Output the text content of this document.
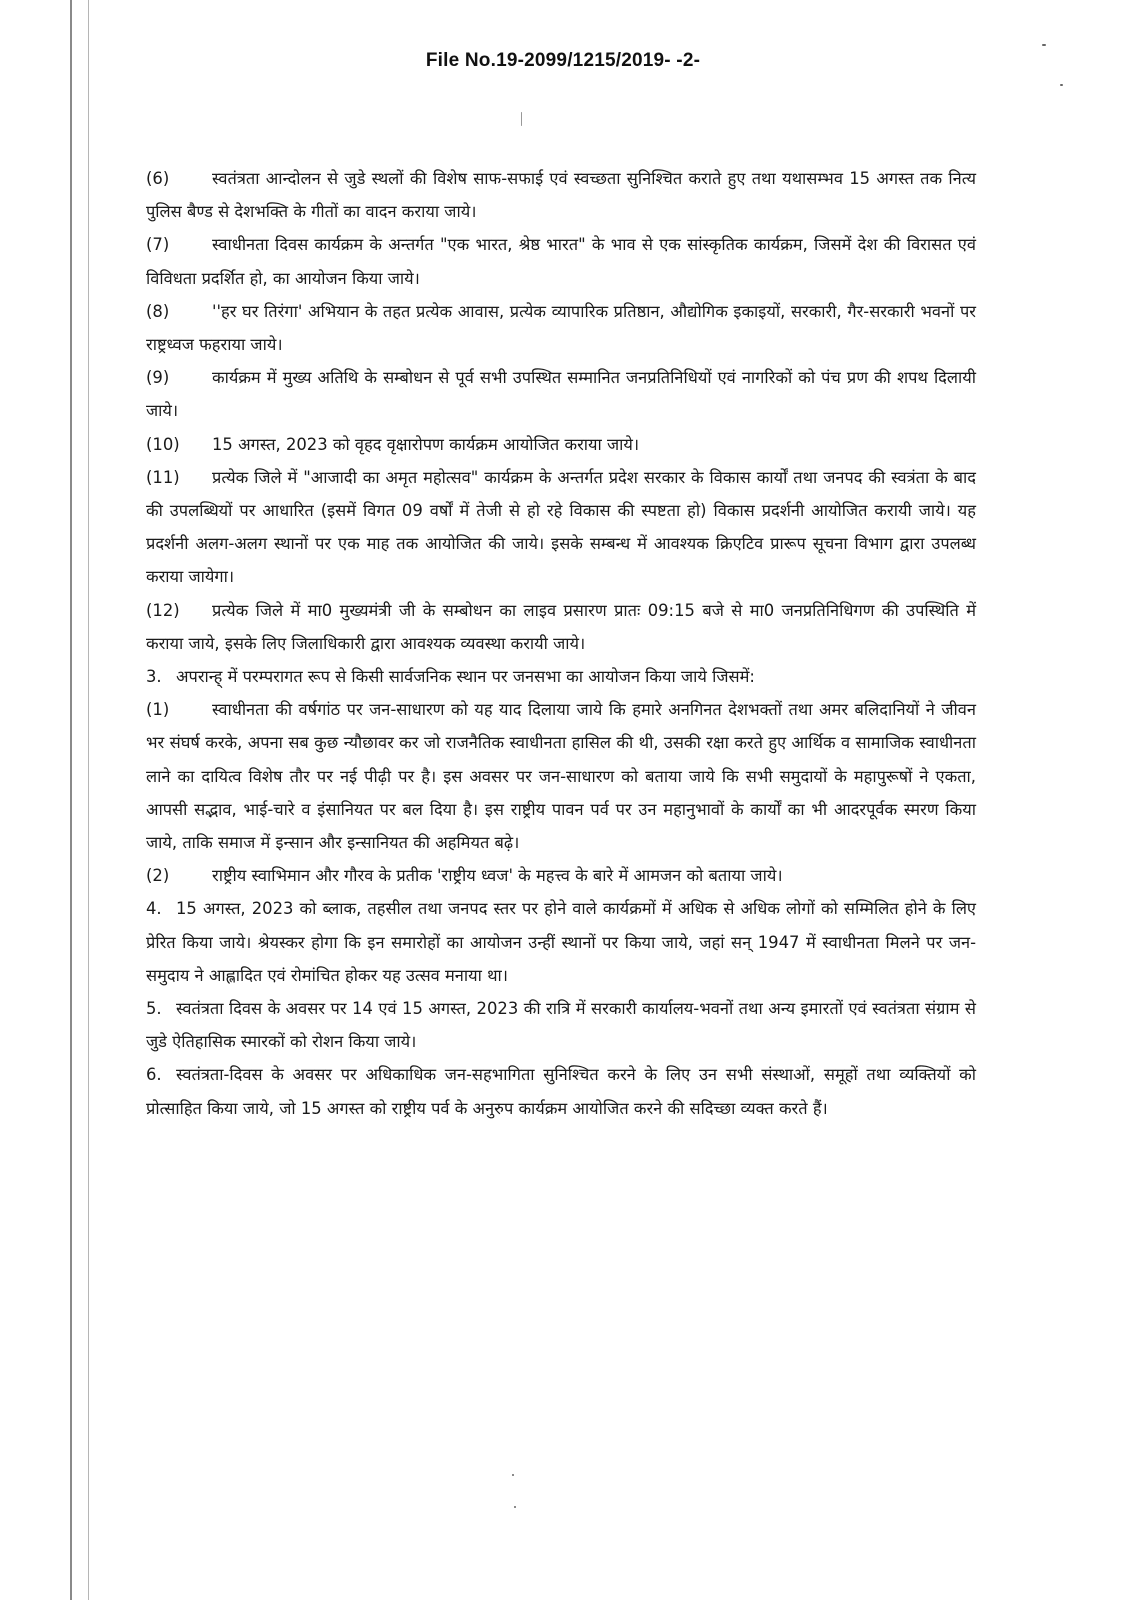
File No.19-2099/1215/2019- -2-

(6)	स्वतंत्रता आन्दोलन से जुडे स्थलों की विशेष साफ-सफाई एवं स्वच्छता सुनिश्चित कराते हुए तथा यथासम्भव 15 अगस्त तक नित्य पुलिस बैण्ड से देशभक्ति के गीतों का वादन कराया जाये।

(7)	स्वाधीनता दिवस कार्यक्रम के अन्तर्गत "एक भारत, श्रेष्ठ भारत" के भाव से एक सांस्कृतिक कार्यक्रम, जिसमें देश की विरासत एवं विविधता प्रदर्शित हो, का आयोजन किया जाये।

(8)	''हर घर तिरंगा' अभियान के तहत प्रत्येक आवास, प्रत्येक व्यापारिक प्रतिष्ठान, औद्योगिक इकाइयों, सरकारी, गैर-सरकारी भवनों पर राष्ट्रध्वज फहराया जाये।

(9)	कार्यक्रम में मुख्य अतिथि के सम्बोधन से पूर्व सभी उपस्थित सम्मानित जनप्रतिनिधियों एवं नागरिकों को पंच प्रण की शपथ दिलायी जाये।

(10) 15 अगस्त, 2023 को वृहद वृक्षारोपण कार्यक्रम आयोजित कराया जाये।

(11) प्रत्येक जिले में "आजादी का अमृत महोत्सव" कार्यक्रम के अन्तर्गत प्रदेश सरकार के विकास कार्यों तथा जनपद की स्वत्रंता के बाद की उपलब्धियों पर आधारित (इसमें विगत 09 वर्षों में तेजी से हो रहे विकास की स्पष्टता हो) विकास प्रदर्शनी आयोजित करायी जाये। यह प्रदर्शनी अलग-अलग स्थानों पर एक माह तक आयोजित की जाये। इसके सम्बन्ध में आवश्यक क्रिएटिव प्रारूप सूचना विभाग द्वारा उपलब्ध कराया जायेगा।

(12) प्रत्येक जिले में मा0 मुख्यमंत्री जी के सम्बोधन का लाइव प्रसारण प्रातः 09:15 बजे से मा0 जनप्रतिनिधिगण की उपस्थिति में कराया जाये, इसके लिए जिलाधिकारी द्वारा आवश्यक व्यवस्था करायी जाये।

3. अपरान्ह् में परम्परागत रूप से किसी सार्वजनिक स्थान पर जनसभा का आयोजन किया जाये जिसमें:

(1)	स्वाधीनता की वर्षगांठ पर जन-साधारण को यह याद दिलाया जाये कि हमारे अनगिनत देशभक्तों तथा अमर बलिदानियों ने जीवन भर संघर्ष करके, अपना सब कुछ न्यौछावर कर जो राजनैतिक स्वाधीनता हासिल की थी, उसकी रक्षा करते हुए आर्थिक व सामाजिक स्वाधीनता लाने का दायित्व विशेष तौर पर नई पीढ़ी पर है। इस अवसर पर जन-साधारण को बताया जाये कि सभी समुदायों के महापुरूषों ने एकता, आपसी सद्भाव, भाई-चारे व इंसानियत पर बल दिया है। इस राष्ट्रीय पावन पर्व पर उन महानुभावों के कार्यों का भी आदरपूर्वक स्मरण किया जाये, ताकि समाज में इन्सान और इन्सानियत की अहमियत बढ़े।

(2)	राष्ट्रीय स्वाभिमान और गौरव के प्रतीक 'राष्ट्रीय ध्वज' के महत्त्व के बारे में आमजन को बताया जाये।

4. 15 अगस्त, 2023 को ब्लाक, तहसील तथा जनपद स्तर पर होने वाले कार्यक्रमों में अधिक से अधिक लोगों को सम्मिलित होने के लिए प्रेरित किया जाये। श्रेयस्कर होगा कि इन समारोहों का आयोजन उन्हीं स्थानों पर किया जाये, जहां सन् 1947 में स्वाधीनता मिलने पर जन-समुदाय ने आह्लादित एवं रोमांचित होकर यह उत्सव मनाया था।

5. स्वतंत्रता दिवस के अवसर पर 14 एवं 15 अगस्त, 2023 की रात्रि में सरकारी कार्यालय-भवनों तथा अन्य इमारतों एवं स्वतंत्रता संग्राम से जुडे ऐतिहासिक स्मारकों को रोशन किया जाये।

6. स्वतंत्रता-दिवस के अवसर पर अधिकाधिक जन-सहभागिता सुनिश्चित करने के लिए उन सभी संस्थाओं, समूहों तथा व्यक्तियों को प्रोत्साहित किया जाये, जो 15 अगस्त को राष्ट्रीय पर्व के अनुरुप कार्यक्रम आयोजित करने की सदिच्छा व्यक्त करते हैं।
